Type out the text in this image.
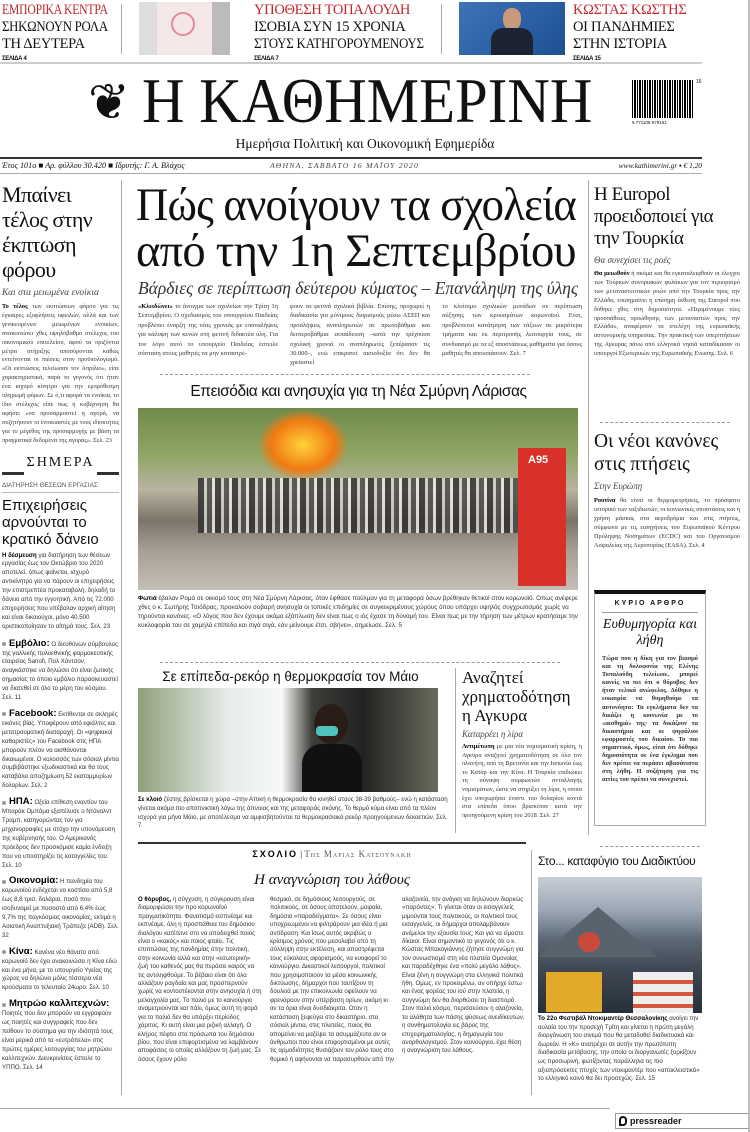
ΕΜΠΟΡΙΚΑ ΚΕΝΤΡΑ
ΣΗΚΩΝΟΥΝ ΡΟΛΑ
ΤΗ ΔΕΥΤΕΡΑ
ΣΕΛΙΔΑ 4
ΥΠΟΘΕΣΗ ΤΟΠΑΛΟΥΔΗ
ΙΣΟΒΙΑ ΣΥΝ 15 ΧΡΟΝΙΑ
ΣΤΟΥΣ ΚΑΤΗΓΟΡΟΥΜΕΝΟΥΣ
ΣΕΛΙΔΑ 7
ΚΩΣΤΑΣ ΚΩΣΤΗΣ
ΟΙ ΠΑΝΔΗΜΙΕΣ
ΣΤΗΝ ΙΣΤΟΡΙΑ
ΣΕΛΙΔΑ 15
❦ Η ΚΑΘΗΜΕΡΙΝΗ	16
9 771108 979161
Ημερήσια Πολιτική και Οικονομική Εφημερίδα
Έτος 101ο ■ Αρ. φύλλου 30.420 ■ Ιδρυτής: Γ. Α. Βλάχος	ΑΘΗΝΑ, ΣΑΒΒΑΤΟ 16 ΜΑΪΟΥ 2020	www.kathimerini.gr ▪ € 1,20
Μπαίνει τέλος στην έκπτωση φόρου
Και στα μειωμένα ενοίκια
Το τέλος των εκπτώσεων φόρου για τις έγκαιρες εξοφλήσεις οφειλών, αλλά και των γενικευμένων μειωμένων ενοικίων, ανακοινώνει χθες υψηλόβαθμο στέλεχος του οικονομικού επιτελείου, αφού τα οριζόντια μέτρα στήριξης αποσύρονται καθώς εντείνονται οι πιέσεις στον προϋπολογισμό. «Οι εκπτώσεις τελείωσαν τον Απρίλιο», είπε χαρακτηριστικά, παρά το γεγονός ότι ήταν ένα ισχυρό κίνητρο για την εμπρόθεσμη πληρωμή φόρων. Σε ό,τι αφορά τα ενοίκια, το ίδιο στέλεχος είπε πως η κυβέρνηση θα αφήσει «να προσαρμοστεί η αγορά, να συζητήσουν οι ενοικιαστές με τους ιδιοκτήτες για το μέγεθος της προσαρμογής με βάση τα πραγματικά δεδομένα της αγοράς». Σελ. 23
ΣΗΜΕΡΑ
ΔΙΑΤΗΡΗΣΗ ΘΕΣΕΩΝ ΕΡΓΑΣΙΑΣ
Επιχειρήσεις αρνούνται το κρατικό δάνειο
Η δέσμευση για διατήρηση των θέσεων εργασίας έως τον Οκτώβριο του 2020 αποτελεί, όπως φαίνεται, ισχυρό αντικίνητρο για να πάρουν οι επιχειρήσεις την επιστρεπτέα προκαταβολή, δηλαδή το δάνειο από την εγγυητική. Από τις 72.000 επιχειρήσεις που υπέβαλαν αρχική αίτηση και είναι δικαιούχοι, μόνο 40.500 οριστικοποίησαν το αίτημά τους. Σελ. 23
Εμβόλιο: Ο διευθύνων σύμβουλος της γαλλικής πολυεθνικής φαρμακευτικής εταιρείας Sanofi, Πολ Χάντσον, αναγκάστηκε να δηλώσει ότι είναι ζωτικής σημασίας το όποιο εμβόλιο παρασκευαστεί να διατεθεί σε όλο το μέρη του κόσμου. Σελ. 11
Facebook: Εκτίθενται σε σκληρές εικόνες βίας. Υποφέρουν από εφιάλτες και μετατραυματική διαταραχή. Οι «ψηφιακοί καθαριστές» του Facebook στις ΗΠΑ μπορούν πλέον να αισθάνονται δικαιωμένοι. Ο κολοσσός των σόσιαλ μίντια συμβιβάστηκε εξωδικαστικά και θα τους καταβάλει αποζημίωση 52 εκατομμυρίων δολαρίων. Σελ. 2
ΗΠΑ: Οξεία επίθεση εναντίον του Μπαράκ Ομπάμα εξαπέλυσε ο Ντόναλντ Τραμπ, κατηγορώντας τον για μηχανορραφίες με στόχο την υπονόμευση της κυβέρνησής του. Ο Αμερικανός πρόεδρος δεν προσκόμισε καμία ένδειξη που να υποστηρίζει τις καταγγελίες του. Σελ. 10
Οικονομία: Η πανδημία του κορωνοϊού ενδέχεται να κοστίσει από 5,8 έως 8,8 τρισ. δολάρια, ποσό που ισοδυναμεί με ποσοστό από 6,4% έως 9,7% της παγκόσμιας οικονομίας, εκτιμά η Ασιατική Αναπτυξιακή Τράπεζα (ADB). Σελ. 32
Κίνα: Κανένα νέο θάνατο από κορωνοϊό δεν έχει ανακοινώσει η Κίνα εδώ και ένα μήνα, με το υπουργείο Υγείας της χώρας να δηλώνει μόλις τέσσερα νέα κρούσματα το τελευταίο 24ωρο. Σελ. 10
Μητρώο καλλιτεχνών: Ποιητές που δεν μπορούν να εγγραφούν ως ποιητές και συγγραφείς που δεν πείθουν το σύστημα για την ιδιότητά τους είναι μερικά από τα «ευτράπελα» στις πρώτες ημέρες λειτουργίας του μητρώου καλλιτεχνών. Διευκρινίσεις έστειλε το ΥΠΠΟ. Σελ. 14
Πώς ανοίγουν τα σχολεία
από την 1η Σεπτεμβρίου
Βάρδιες σε περίπτωση δεύτερου κύματος – Επανάληψη της ύλης
«Κλειδώνει» το άνοιγμα των σχολείων την Τρίτη 1η Σεπτεμβρίου. Ο σχεδιασμός του υπουργείου Παιδείας προβλέπει έναρξη της νέας χρονιάς με επαναλήψεις για κάλυψη των κενών στη φετινή διδακτέα ύλη. Για τον λόγο αυτό το υπουργείο Παιδείας έστειλε σύσταση στους μαθητές να μην καταστρέ-
φουν τα φετινά σχολικά βιβλία. Επίσης, προχωρεί η διαδικασία για μόνιμους διορισμούς μέσω ΑΣΕΠ και προσλήψεις αναπληρωτών σε πρωτοβάθμια και δευτεροβάθμια εκπαίδευση –κατά την τρέχουσα σχολική χρονιά οι αναπληρωτές ξεπέρασαν τις 30.000–, ενώ επικρατεί αισιοδοξία ότι δεν θα χρειαστεί
το κλείσιμο σχολικών μονάδων σε περίπτωση αύξησης των κρουσμάτων κορωνοϊού. Ετσι, προβλέπεται κατάτμηση των τάξεων σε μικρότερα τμήματα και εκ περιτροπής λειτουργία τους, σε συνδυασμό με τα εξ αποστάσεως μαθήματα για όσους μαθητές θα απουσιάσουν. Σελ. 7
Επεισόδια και ανησυχία για τη Νέα Σμύρνη Λάρισας
A95
Φωτιά έβαλαν Ρομά σε οικισμό τους στη Νέα Σμύρνη Λάρισας, όταν έφθασε πούλμαν για τη μεταφορά όσων βρέθηκαν θετικοί στον κορωνοϊό. Οπως ανέφερε χθες ο κ. Σωτήρης Τσιόδρας, προκαλούν σοβαρή ανησυχία οι τοπικές επιδημίες σε συγκεκριμένους χώρους όπου υπάρχει υψηλός συγχρωτισμός χωρίς να τηρούνται κανόνες. «Ο λόγος που δεν έχουμε ακόμα εξάπλωση δεν είναι πως ο ιός έχασε τη δύναμή του. Είναι πως με την τήρηση των μέτρων κρατήσαμε την κυκλοφορία του σε χαμηλά επίπεδα και σιγά σιγά, εάν μείνουμε έτσι, σβήνει», σημείωσε. Σελ. 5
Σε επίπεδα-ρεκόρ η θερμοκρασία τον Μάιο
Σε κλοιό ζέστης βρίσκεται η χώρα –στην Αττική η θερμοκρασία θα κινηθεί στους 38-39 βαθμούς– ενώ η κατάσταση γίνεται ακόμα πιο αποπνικτική λόγω της άπνοιας και της μεταφοράς σκόνης. Το θερμό κύμα είναι από τα πλέον ισχυρά για μήνα Μάιο, με αποτέλεσμα να αμφισβητούνται τα θερμοκρασιακά ρεκόρ προηγούμενων δεκαετιών. Σελ. 7
Αναζητεί χρηματοδότηση η Αγκυρα
Καταρρέει η λίρα
Αντιμέτωπη με μια νέα νομισματική κρίση, η Αγκυρα αναζητεί χρηματοδότηση σε όλο τον πλανήτη, από τη Βρετανία και την Ιαπωνία έως το Κατάρ και την Κίνα. Η Τουρκία επιδιώκει τη σύναψη συμφωνιών ανταλλαγής νομισμάτων, ώστε να στηρίξει τη λίρα, η οποία έχει υποχωρήσει έναντι του δολαρίου κοντά στα επίπεδα όπου βρισκόταν κατά την προηγούμενη κρίση του 2018. Σελ. 27
ΣΧΟΛΙΟ | Της Μαριας Κατσουνακη
Η αναγνώριση του λάθους
Ο θόρυβος, η σύγχυση, η σύγκρουση είναι διαμορφώσει την προ κορωνοϊού πραγματικότητα. Φανατισμό εισπνέαμε και εκπνέαμε, όλη η προσπάθεια του δημόσιου διαλόγου κατέτεινε στο να αποδειχθεί ποιος είναι ο «κακός» και ποιος φταίει. Τις επιπτώσεις της πανδημίας στην πολιτική, στην κοινωνία αλλά και στην «εσωτερική» ζωή του καθενός μας θα περάσει καιρός να τις αντιληφθούμε. Το βέβαιο είναι ότι όλα αλλάζουν ραγδαία και μας προσπερνούν χωρίς να κοντοστέκονται στην ανησυχία ή στη μελαγχολία μας. Το παλιό με το καινούργιο αναμετριούνται και πάλι, όμως αυτή τη φορά για το παλιό δεν θα υπάρξει περίοδος χάριτος. Κι αυτή είναι μια ριζική αλλαγή. Ο κλήρος πέφτει στα πρόσωπα του δημόσιου βίου, που είναι επιφορτισμένα να λαμβάνουν αποφάσεις οι οποίες αλλάζουν τη ζωή μας. Σε όσους έχουν ρόλο
θεσμικό, σε δημόσιους λειτουργούς, σε πολιτικούς, σε όσους αποτελούν, μοιραία, δημόσια «παραδείγματα». Σε όσους είναι υποχρεωμένοι να φιλτράρουν μια ιδέα ή μια αντίδραση. Και ίσως αυτός ακριβώς ο κρίσιμος χρόνος που μεσολαβεί από τη σύλληψη στην εκτέλεση, και αποστρέφεται τους εύκολους αφορισμούς, να κυοφορεί το καινούργιο. Δικαστικοί λειτουργοί, πολιτικοί που χρησιμοποιούν τα μέσα κοινωνικής δικτύωσης, δήμαρχοι που ταυτίζουν τη δουλειά με την επικοινωνία οφείλουν να φρενάρουν στην υπέρβαση ορίων, ακόμη κι αν τα όρια είναι δυσδιάκριτα. Οταν η κατάσταση ξεφεύγει στο δικαστήριο, στα σόσιαλ μίντια, στις πλατείες, ποιος θα απομείνει να μαζέψει τα ασυμμάζευτα αν οι άνθρωποι που είναι επιφορτισμένοι με αυτές τις αρμοδιότητες θυσιάζουν τον ρόλο τους στο θυμικό ή αφήνονται να παρασυρθούν από την
αλαζονεία, την ανάγκη να δηλώνουν διαρκώς «παρόντες»; Τι γίνεται όταν οι εισαγγελείς μιμούνται τους πολιτικούς, οι πολιτικοί τους εισαγγελείς, οι δήμαρχοι απολαμβάνουν ανέμελοι την εξουσία τους; Και για να είμαστε δίκαιοι: Είναι σημαντικό το γεγονός ότι ο κ. Κώστας Μπακογιάννης ζήτησε συγγνώμη για τον συνωστισμό στη νέα πλατεία Ομονοίας και παραδέχθηκε ένα «πολύ μεγάλο λάθος». Είναι ξένη η συγγνώμη στα ελληνικά πολιτικά ήθη. Ομως, εν προκειμένω, αν υπήρχε έστω και ένας φορέας του ιού στην πλατεία, η συγγνώμη δεν θα διορθώσει τη διασπορά. Στον παλιό κόσμο, περισσεύουν η αλαζονεία, τα αλάθητα των πάσης φύσεως ανειδίκευτων, η συνθηματολογία εις βάρος της επιχειρηματολογίας, η δημαγωγία του ανορθολογισμού. Στον καινούργιο, έχει θέση η αναγνώριση του λάθους.
Η Europol προειδοποιεί για την Τουρκία
Θα συνεχίσει τις ροές
Θα μειωθούν ή ακόμα και θα εγκαταλειφθούν οι έλεγχοι των Τούρκων συνοριακών φυλάκων για τον περιορισμό των μεταναστευτικών ροών από την Τουρκία προς την Ελλάδα, επισημαίνει η επίσημη έκθεση της Europol που δόθηκε χθες στη δημοσιότητα. «Περιμένουμε νέες προσπάθειες προώθησης των μεταναστών προς την Ελλάδα», αναφέρουν τα στελέχη της ευρωπαϊκής αστυνομικής υπηρεσίας. Την πρακτική των υπερπτήσεων της Αγκυρας πάνω από ελληνικά νησιά καταδίκασαν οι υπουργοί Εξωτερικών της Ευρωπαϊκής Ενωσης. Σελ. 6
Οι νέοι κανόνες στις πτήσεις
Στην Ευρώπη
Ρουτίνα θα είναι οι θερμομετρήσεις, το πρόσφατο ιστορικό των ταξιδιωτών, οι κοινωνικές αποστάσεις και η χρήση μάσκας στα αεροδρόμια και στις πτήσεις, σύμφωνα με τις εισηγήσεις του Ευρωπαϊκού Κέντρου Πρόληψης Νοσημάτων (ECDC) και του Οργανισμού Ασφαλείας της Αεροπορίας (EASA). Σελ. 4
ΚΥΡΙΟ ΑΡΘΡΟ
Ευθυμηγορία και λήθη
Τώρα που η δίκη για τον βιασμό και τη δολοφονία της Ελένης Τοπαλούδη τελείωσε, μπορεί κανείς να πει ότι ο θόρυβος δεν ήταν τελικά ανώφελος. Δόθηκε η ευκαιρία να θυμηθούμε τα αυτονόητα: Τα εγκλήματα δεν τα δικάζει η κοινωνία με το «αισθημά» της· τα δικάζουν τα δικαστήρια και οι ψηφάλιοι εφαρμοστές του δικαίου. Το πιο σημαντικό, όμως, είναι ότι δόθηκε δημοσιότητα σε ένα έγκλημα που δεν πρέπει να περάσει αβασάνιστα στη λήθη. Η συζήτηση για τις αιτίες του πρέπει να συνεχιστεί.
Στο... καταφύγιο του Διαδικτύου
Το 22ο Φεστιβάλ Ντοκιμαντέρ Θεσσαλονίκης ανοίγει την αυλαία του την προσεχή Τρίτη και γίνεται η πρώτη μεγάλη διοργάνωση του σινεμά που θα μεταδοθεί διαδικτυακά και δωρεάν. Η «Κ» ανατρέχει σε αυτήν την πρωτότυπη διαδικασία μετάβασης, την οποία οι διοργανωτές ξορκίζουν ως προσωρινή, φωτίζοντας παράλληλα τις πιο αξιοπρόσεκτες πτυχές των ντοκιμαντέρ που «αποκλειστικά» το ελληνικό κοινό θα δει προσεχώς. Σελ. 15
pressreader
